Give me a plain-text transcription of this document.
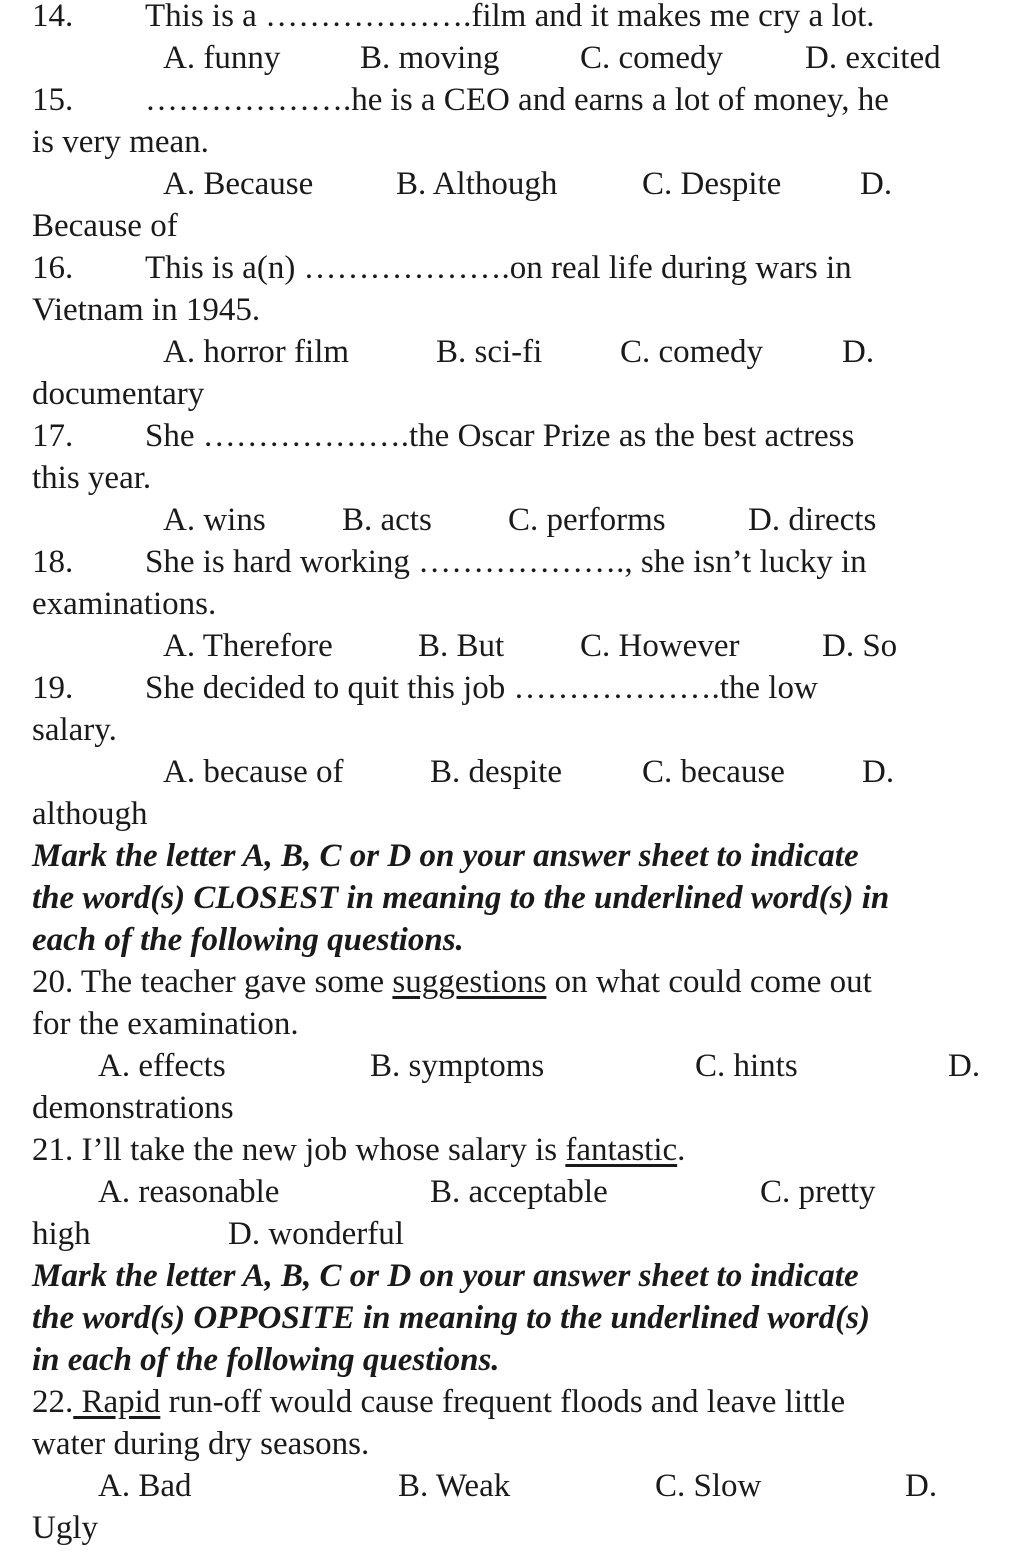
14. This is a ……………….film and it makes me cry a lot.
A. funny B. moving C. comedy D. excited
15. ……………….he is a CEO and earns a lot of money, he
is very mean.
A. Because	B. Although	C. Despite D.
Because of
16. This is a(n) ……………….on real life during wars in
Vietnam in 1945.
A. horror film	B. sci-fi C. comedy D.
documentary
17. She ……………….the Oscar Prize as the best actress
this year.
A. wins B. acts C. performs D. directs
18. She is hard working ………………., she isn’t lucky in
examinations.
A. Therefore	B. But C. However	D. So
19. She decided to quit this job ……………….the low
salary.
A. because of	B. despite C. because D.
although
Mark the letter A, B, C or D on your answer sheet to indicate
the word(s) CLOSEST in meaning to the underlined word(s) in
each of the following questions.
20. The teacher gave some suggestions on what could come out
for the examination.
A. effects	B. symptoms	C. hints	D.
demonstrations
21. I’ll take the new job whose salary is fantastic.
A. reasonable	B. acceptable	C. pretty
high	D. wonderful
Mark the letter A, B, C or D on your answer sheet to indicate
the word(s) OPPOSITE in meaning to the underlined word(s)
in each of the following questions.
22. Rapid run-off would cause frequent floods and leave little
water during dry seasons.
A. Bad	B. Weak	C. Slow	D.
Ugly
